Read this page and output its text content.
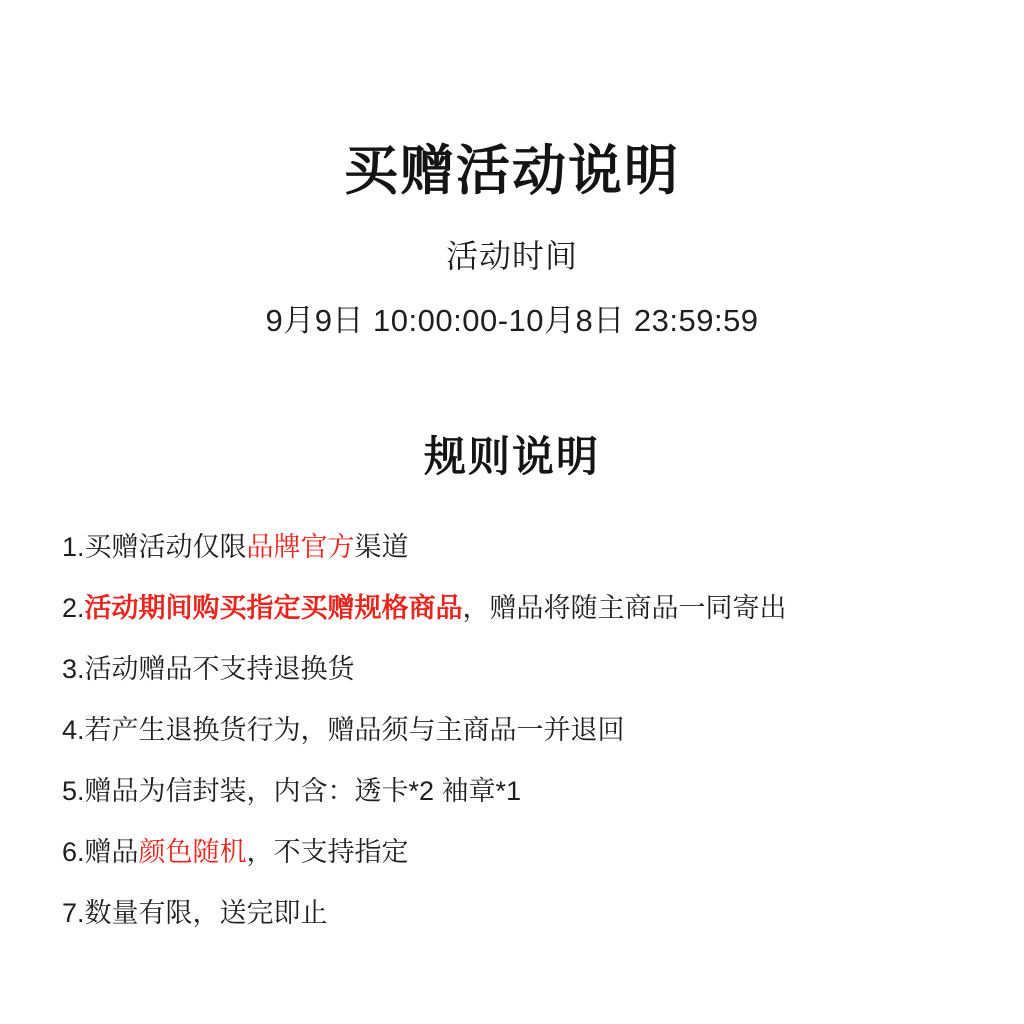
买赠活动说明
活动时间

9月9日 10:00:00-10月8日 23:59:59

规则说明
1.买赠活动仅限品牌官方渠道
2.活动期间购买指定买赠规格商品，赠品将随主商品一同寄出
3.活动赠品不支持退换货
4.若产生退换货行为，赠品须与主商品一并退回
5.赠品为信封装，内含：透卡*2 袖章*1
6.赠品颜色随机，不支持指定
7.数量有限，送完即止
